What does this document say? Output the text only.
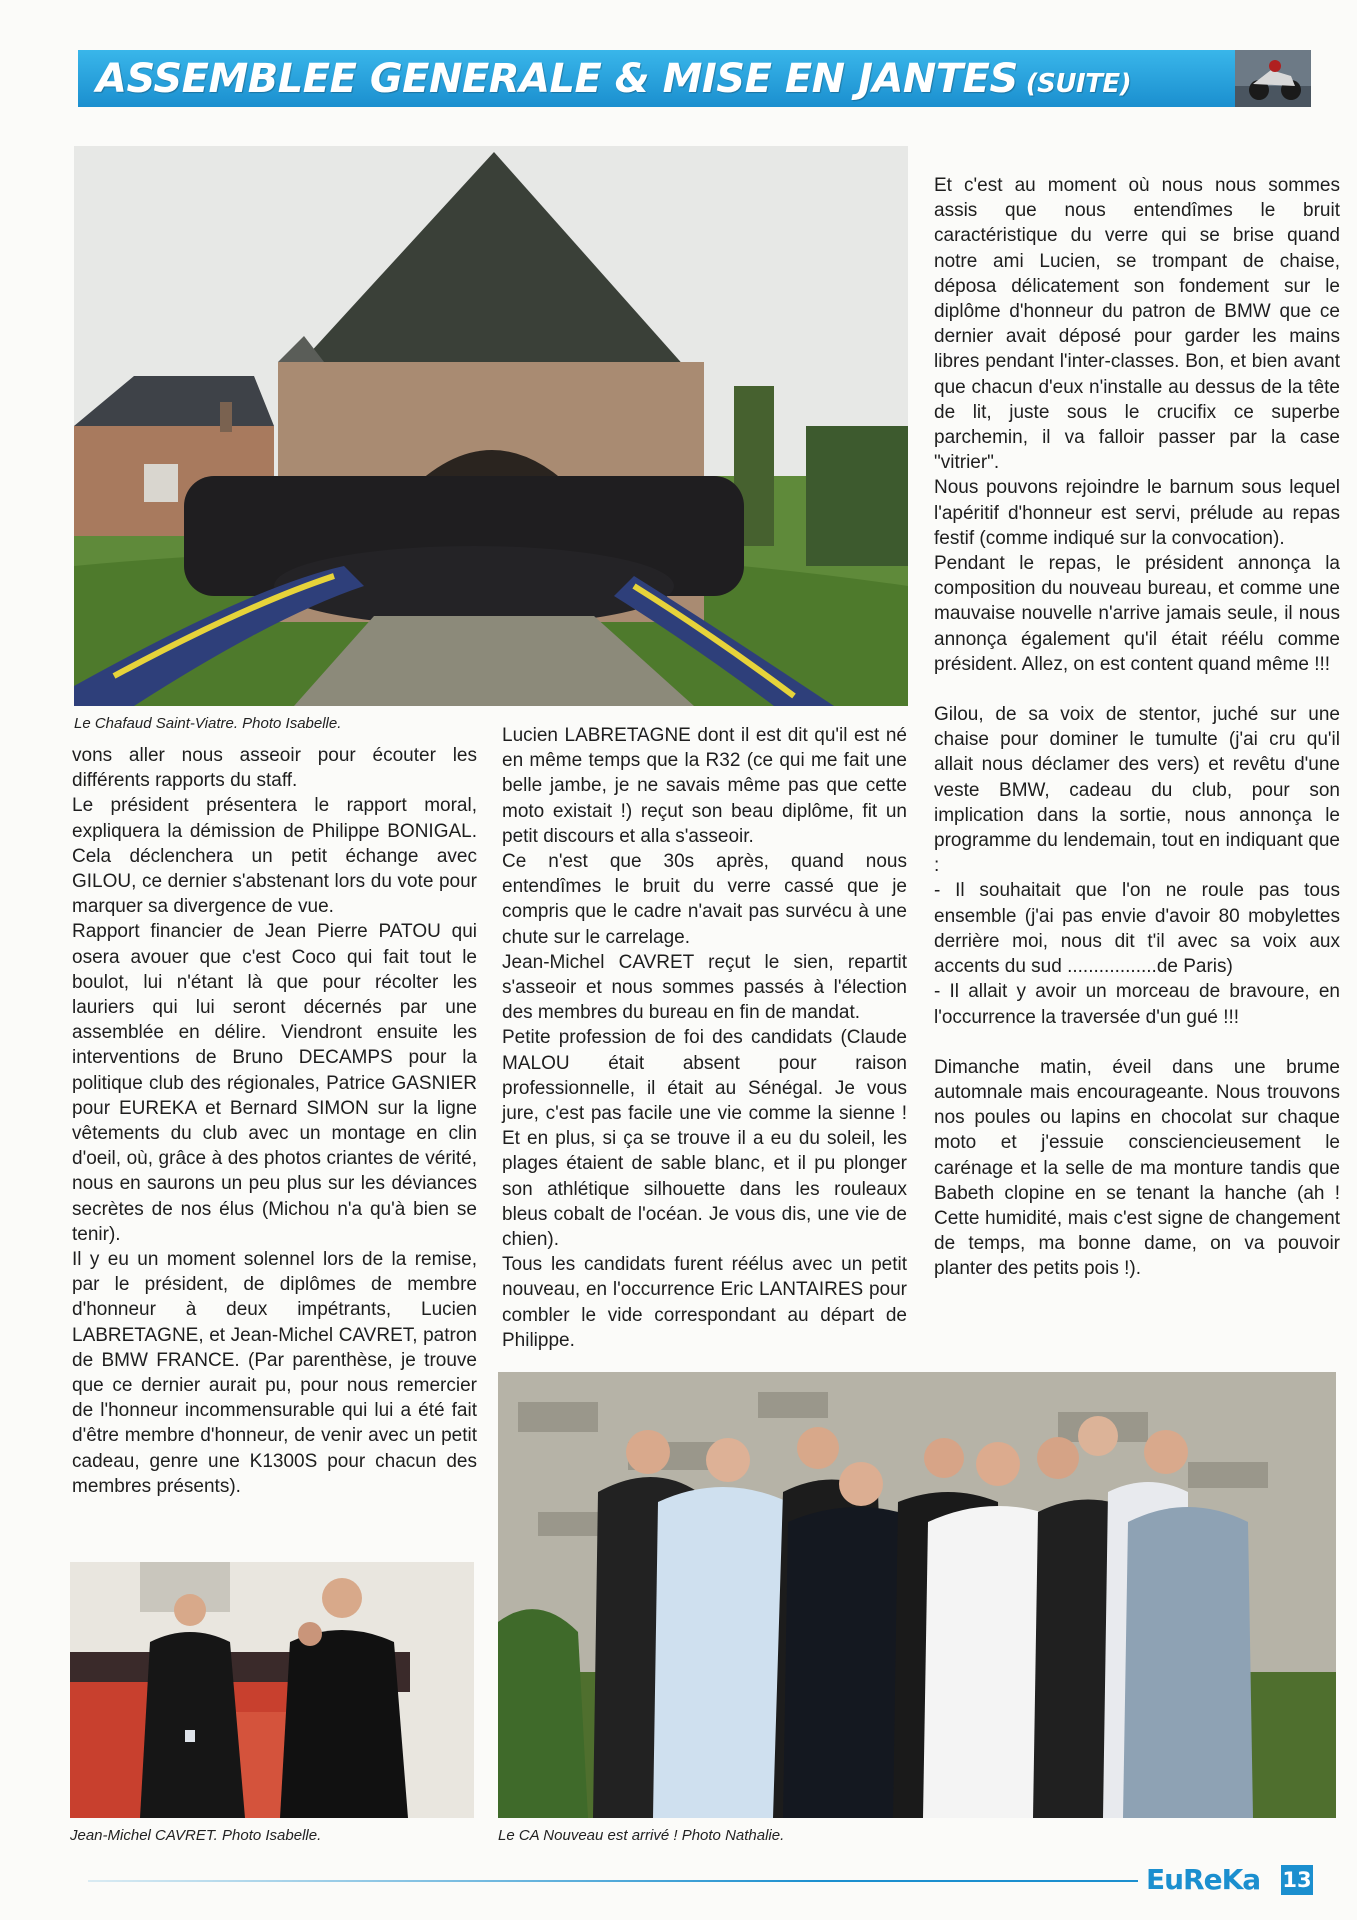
ASSEMBLEE GENERALE & MISE EN JANTES (SUITE)
Le Chafaud Saint-Viatre. Photo Isabelle.

vons aller nous asseoir pour écouter les différents rapports du staff.

Le président présentera le rapport moral, expliquera la démission de Philippe BONIGAL. Cela déclenchera un petit échange avec GILOU, ce dernier s'abstenant lors du vote pour marquer sa divergence de vue.

Rapport financier de Jean Pierre PATOU qui osera avouer que c'est Coco qui fait tout le boulot, lui n'étant là que pour récolter les lauriers qui lui seront décernés par une assemblée en délire. Viendront ensuite les interventions de Bruno DECAMPS pour la politique club des régionales, Patrice GASNIER pour EUREKA et Bernard SIMON sur la ligne vêtements du club avec un montage en clin d'oeil, où, grâce à des photos criantes de vérité, nous en saurons un peu plus sur les déviances secrètes de nos élus (Michou n'a qu'à bien se tenir).

Il y eu un moment solennel lors de la remise, par le président, de diplômes de membre d'honneur à deux impétrants, Lucien LABRETAGNE, et Jean-Michel CAVRET, patron de BMW FRANCE. (Par parenthèse, je trouve que ce dernier aurait pu, pour nous remercier de l'honneur incommensurable qui lui a été fait d'être membre d'honneur, de venir avec un petit cadeau, genre une K1300S pour chacun des membres présents).

Lucien LABRETAGNE dont il est dit qu'il est né en même temps que la R32 (ce qui me fait une belle jambe, je ne savais même pas que cette moto existait !) reçut son beau diplôme, fit un petit discours et alla s'asseoir.

Ce n'est que 30s après, quand nous entendîmes le bruit du verre cassé que je compris que le cadre n'avait pas survécu à une chute sur le carrelage.

Jean-Michel CAVRET reçut le sien, repartit s'asseoir et nous sommes passés à l'élection des membres du bureau en fin de mandat.

Petite profession de foi des candidats (Claude MALOU était absent pour raison professionnelle, il était au Sénégal. Je vous jure, c'est pas facile une vie comme la sienne ! Et en plus, si ça se trouve il a eu du soleil, les plages étaient de sable blanc, et il pu plonger son athlétique silhouette dans les rouleaux bleus cobalt de l'océan. Je vous dis, une vie de chien).

Tous les candidats furent réélus avec un petit nouveau, en l'occurrence Eric LANTAIRES pour combler le vide correspondant au départ de Philippe.

Et c'est au moment où nous nous sommes assis que nous entendîmes le bruit caractéristique du verre qui se brise quand notre ami Lucien, se trompant de chaise, déposa délicatement son fondement sur le diplôme d'honneur du patron de BMW que ce dernier avait déposé pour garder les mains libres pendant l'inter-classes. Bon, et bien avant que chacun d'eux n'installe au dessus de la tête de lit, juste sous le crucifix ce superbe parchemin, il va falloir passer par la case "vitrier".

Nous pouvons rejoindre le barnum sous lequel l'apéritif d'honneur est servi, prélude au repas festif (comme indiqué sur la convocation).

Pendant le repas, le président annonça la composition du nouveau bureau, et comme une mauvaise nouvelle n'arrive jamais seule, il nous annonça également qu'il était réélu comme président. Allez, on est content quand même !!!

Gilou, de sa voix de stentor, juché sur une chaise pour dominer le tumulte (j'ai cru qu'il allait nous déclamer des vers) et revêtu d'une veste BMW, cadeau du club, pour son implication dans la sortie, nous annonça le programme du lendemain, tout en indiquant que :

- Il souhaitait que l'on ne roule pas tous ensemble (j'ai pas envie d'avoir 80 mobylettes derrière moi, nous dit t'il avec sa voix aux accents du sud .................de Paris)

- Il allait y avoir un morceau de bravoure, en l'occurrence la traversée d'un gué !!!

Dimanche matin, éveil dans une brume automnale mais encourageante. Nous trouvons nos poules ou lapins en chocolat sur chaque moto et j'essuie consciencieusement le carénage et la selle de ma monture tandis que Babeth clopine en se tenant la hanche (ah ! Cette humidité, mais c'est signe de changement de temps, ma bonne dame, on va pouvoir planter des petits pois !).

Jean-Michel CAVRET. Photo Isabelle.	Le CA Nouveau est arrivé ! Photo Nathalie.
EuReKa 13
